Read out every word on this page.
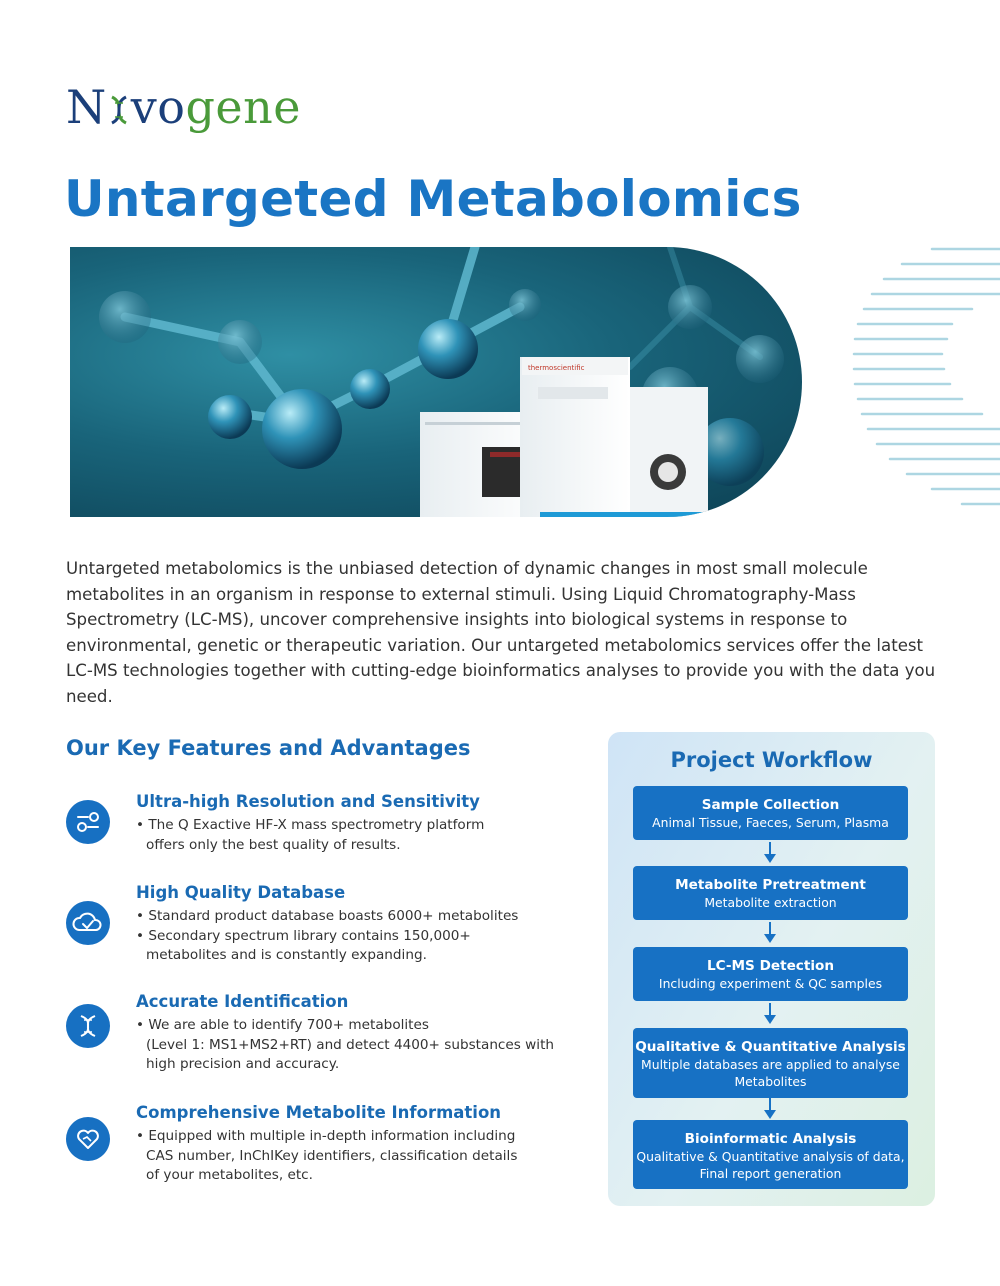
N vogene
Untargeted Metabolomics
thermoscientific

Untargeted metabolomics is the unbiased detection of dynamic changes in most small molecule metabolites in an organism in response to external stimuli. Using Liquid Chromatography-Mass Spectrometry (LC-MS), uncover comprehensive insights into biological systems in response to environmental, genetic or therapeutic variation. Our untargeted metabolomics services offer the latest LC-MS technologies together with cutting-edge bioinformatics analyses to provide you with the data you need.

Our Key Features and Advantages
Ultra-high Resolution and Sensitivity
• The Q Exactive HF-X mass spectrometry platform
offers only the best quality of results.
High Quality Database
• Standard product database boasts 6000+ metabolites
• Secondary spectrum library contains 150,000+
metabolites and is constantly expanding.
Accurate Identification
• We are able to identify 700+ metabolites
(Level 1: MS1+MS2+RT) and detect 4400+ substances with
high precision and accuracy.
Comprehensive Metabolite Information
• Equipped with multiple in-depth information including
CAS number, InChIKey identifiers, classification details
of your metabolites, etc.
Project Workflow
Sample Collection
Animal Tissue, Faeces, Serum, Plasma
Metabolite Pretreatment
Metabolite extraction
LC-MS Detection
Including experiment & QC samples
Qualitative & Quantitative Analysis
Multiple databases are applied to analyse
Metabolites
Bioinformatic Analysis
Qualitative & Quantitative analysis of data,
Final report generation
